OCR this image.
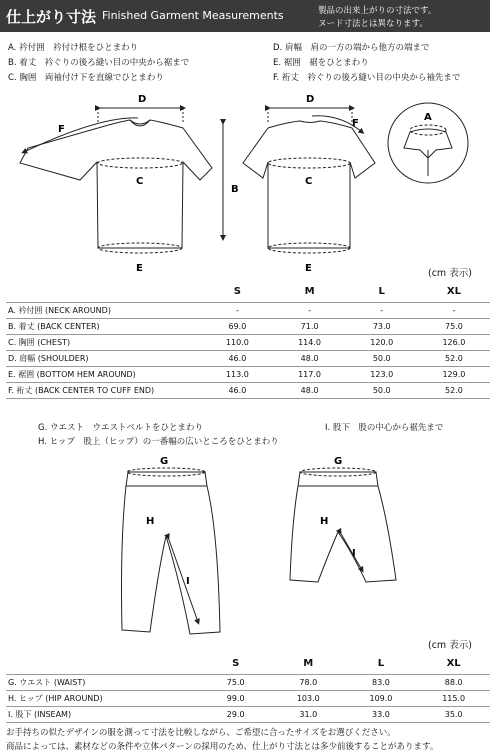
仕上がり寸法 Finished Garment Measurements	製品の出来上がりの寸法です。
ヌード寸法とは異なります。
A. 衿付囲　衿付け根をひとまわり
B. 着丈　衿ぐりの後ろ縫い目の中央から裾まで
C. 胸囲　両袖付け下を直線でひとまわり
D. 肩幅　肩の一方の端から他方の端まで
E. 裾囲　裾をひとまわり
F. 裄丈　衿ぐりの後ろ縫い目の中央から袖先まで
D	D
F
F
C	C
B
E	E
A
(cm 表示)
	S	M	L	XL
A. 衿付囲 (NECK AROUND)	-	-	-	-
B. 着丈 (BACK CENTER)	69.0	71.0	73.0	75.0
C. 胸囲 (CHEST)	110.0	114.0	120.0	126.0
D. 肩幅 (SHOULDER)	46.0	48.0	50.0	52.0
E. 裾囲 (BOTTOM HEM AROUND)	113.0	117.0	123.0	129.0
F. 裄丈 (BACK CENTER TO CUFF END)	46.0	48.0	50.0	52.0
G. ウエスト　ウエストベルトをひとまわり
H. ヒップ　股上（ヒップ）の一番幅の広いところをひとまわり
I. 股下　股の中心から裾先まで
G	G
H	H
I
I
(cm 表示)
	S	M	L	XL
G. ウエスト (WAIST)	75.0	78.0	83.0	88.0
H. ヒップ (HIP AROUND)	99.0	103.0	109.0	115.0
I. 股下 (INSEAM)	29.0	31.0	33.0	35.0
お手持ちの似たデザインの服を測って寸法を比較しながら、ご希望に合ったサイズをお選びください。
商品によっては、素材などの条件や立体パターンの採用のため、仕上がり寸法とは多少前後することがあります。
